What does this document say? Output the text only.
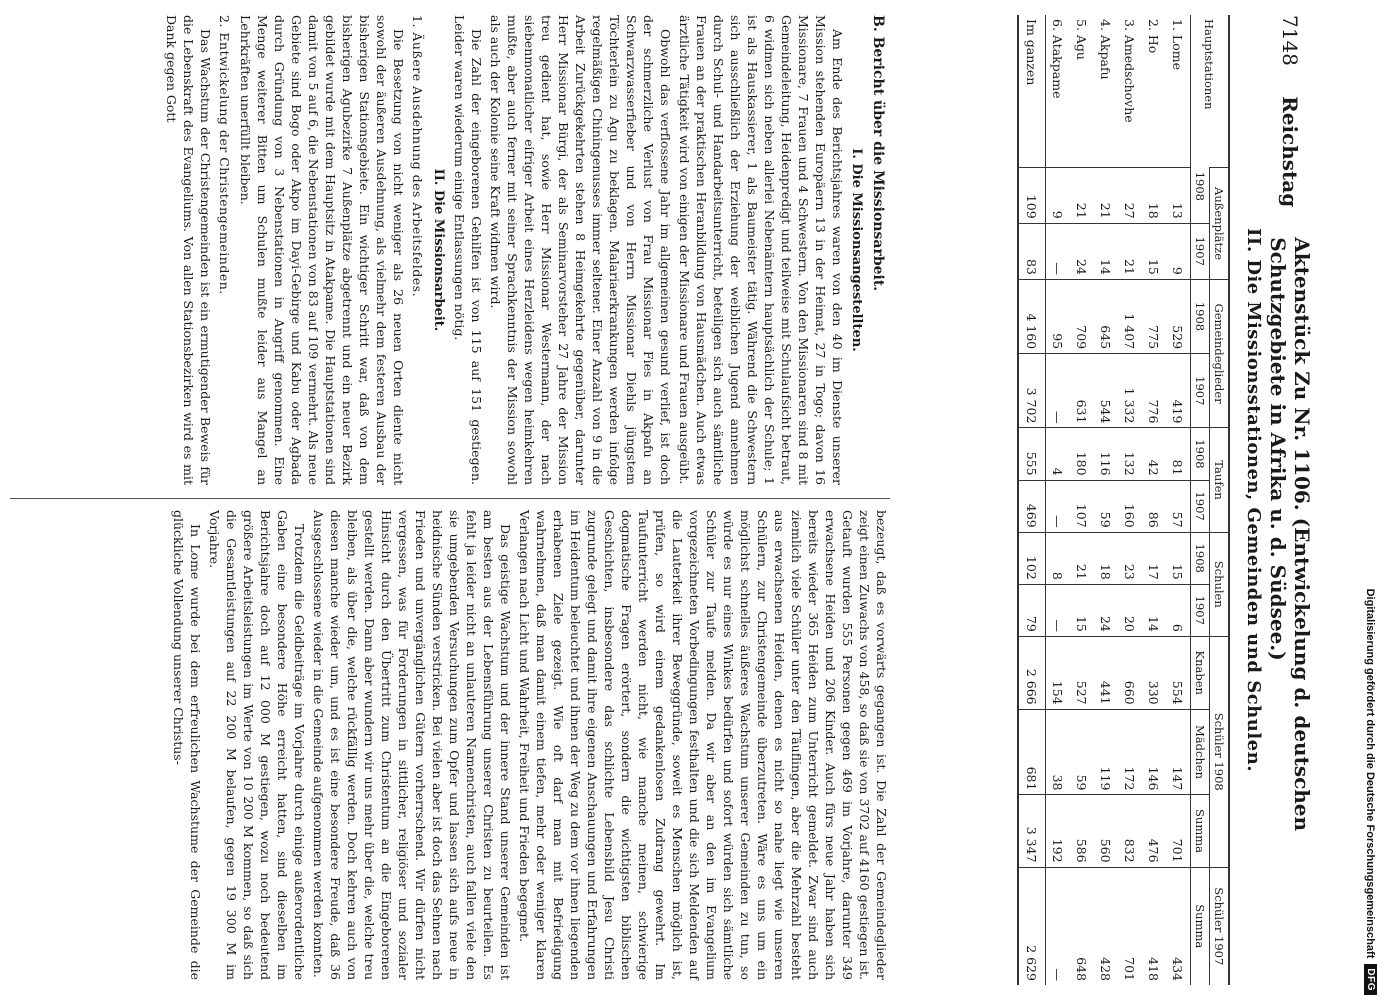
7148
Reichstag
Aktenstück Zu Nr. 1106. (Entwickelung d. deutschen Schutzgebiete in Afrika u. d. Südsee.)
II. Die Missionsstationen, Gemeinden und Schulen.
Hauptstationen	Außenplätze		Gemeindeglieder		Taufen		Schulen		Schüler 1908			Schüler 1907
	1908	1907	1908	1907	1908	1907	1908	1907	Knaben	Mädchen	Summa	Summa
1. Lome	13	9	529	419	81	57	15	6	554	147	701	434
2. Ho	18	15	775	776	42	86	17	14	330	146	476	418
3. Amedschovhe	27	21	1 407	1 332	132	160	23	20	660	172	832	701
4. Akpafu	21	14	645	544	116	59	18	24	441	119	560	428
5. Agu	21	24	709	631	180	107	21	15	527	59	586	648
6. Atakpame	9	—	95	—	4	—	8	—	154	38	192	—
Im ganzen	109	83	4 160	3 702	555	469	102	79	2 666	681	3 347	2 629
B. Bericht über die Missionsarbeit.
I. Die Missionsangestellten.

Am Ende des Berichtsjahres waren von den 40 im Dienste unserer Mission stehenden Europäern 13 in der Heimat, 27 in Togo; davon 16 Missionare, 7 Frauen und 4 Schwestern. Von den Missionaren sind 8 mit Gemeindeleitung, Heidenpredigt und teilweise mit Schulaufsicht betraut, 6 widmen sich neben allerlei Nebenämtern hauptsächlich der Schule; 1 ist als Hauskassierer, 1 als Baumeister tätig. Während die Schwestern sich ausschließlich der Erziehung der weiblichen Jugend annehmen durch Schul- und Handarbeitsunterricht, beteiligen sich auch sämtliche Frauen an der praktischen Heranbildung von Hausmädchen. Auch etwas ärztliche Tätigkeit wird von einigen der Missionare und Frauen ausgeübt.

Obwohl das verflossene Jahr im allgemeinen gesund verlief, ist doch der schmerzliche Verlust von Frau Missionar Fies in Akpafu an Schwarzwasserfieber und von Herrn Missionar Diehls jüngstem Töchterlein zu Agu zu beklagen. Malariaerkrankungen werden infolge regelmäßigen Chiningenusses immer seltener. Einer Anzahl von 9 in die Arbeit Zurückgekehrten stehen 8 Heimgekehrte gegenüber, darunter Herr Missionar Bürgi, der als Seminarvorsteher 27 Jahre der Mission treu gedient hat, sowie Herr Missionar Westermann, der nach siebenmonatlicher eifriger Arbeit eines Herzleidens wegen heimkehren mußte, aber auch ferner mit seiner Sprachkenntnis der Mission sowohl als auch der Kolonie seine Kraft widmen wird.

Die Zahl der eingeborenen Gehilfen ist von 115 auf 151 gestiegen. Leider waren wiederum einige Entlassungen nötig.

II. Die Missionsarbeit.
1. Äußere Ausdehnung des Arbeitsfeldes.

Die Besetzung von nicht weniger als 26 neuen Orten diente nicht sowohl der äußeren Ausdehnung, als vielmehr dem festeren Ausbau der bisherigen Stationsgebiete. Ein wichtiger Schritt war, daß von dem bisherigen Agubezirke 7 Außenplätze abgetrennt und ein neuer Bezirk gebildet wurde mit dem Hauptsitz in Atakpame. Die Hauptstationen sind damit von 5 auf 6, die Nebenstationen von 83 auf 109 vermehrt. Als neue Gebiete sind Bogo oder Akpo im Dayi-Gebirge und Kabu oder Agbada durch Gründung von 3 Nebenstationen in Angriff genommen. Eine Menge weiterer Bitten um Schulen mußte leider aus Mangel an Lehrkräften unerfüllt bleiben.

2. Entwickelung der Christengemeinden.

Das Wachstum der Christengemeinden ist ein ermutigender Beweis für die Lebenskraft des Evangeliums. Von allen Stationsbezirken wird es mit Dank gegen Gott

bezeugt, daß es vorwärts gegangen ist. Die Zahl der Gemeindeglieder zeigt einen Zuwachs von 458, so daß sie von 3702 auf 4160 gestiegen ist. Getauft wurden 555 Personen gegen 469 im Vorjahre, darunter 349 erwachsene Heiden und 206 Kinder. Auch fürs neue Jahr haben sich bereits wieder 365 Heiden zum Unterricht gemeldet. Zwar sind auch ziemlich viele Schüler unter den Täuflingen, aber die Mehrzahl besteht aus erwachsenen Heiden, denen es nicht so nahe liegt wie unseren Schülern, zur Christengemeinde überzutreten. Wäre es uns um ein möglichst schnelles äußeres Wachstum unserer Gemeinden zu tun, so würde es nur eines Winkes bedürfen und sofort würden sich sämtliche Schüler zur Taufe melden. Da wir aber an den im Evangelium vorgezeichneten Vorbedingungen festhalten und die sich Meldenden auf die Lauterkeit ihrer Beweggründe, soweit es Menschen möglich ist, prüfen, so wird einem gedankenlosen Zudrang gewehrt. Im Taufunterricht werden nicht, wie manche meinen, schwierige dogmatische Fragen erörtert, sondern die wichtigsten biblischen Geschichten, insbesondere das schlichte Lebensbild Jesu Christi zugrunde gelegt und damit ihre eigenen Anschauungen und Erfahrungen im Heidentum beleuchtet und ihnen der Weg zu dem vor ihnen liegenden erhabenen Ziele gezeigt. Wie oft darf man mit Befriedigung wahrnehmen, daß man damit einem tiefen, mehr oder weniger klaren Verlangen nach Licht und Wahrheit, Freiheit und Frieden begegnet.

Das geistige Wachstum und der innere Stand unserer Gemeinden ist am besten aus der Lebensführung unserer Christen zu beurteilen. Es fehlt ja leider nicht an unlauteren Namenchristen, auch fallen viele den sie umgebenden Versuchungen zum Opfer und lassen sich aufs neue in heidnische Sünden verstricken. Bei vielen aber ist doch das Sehnen nach Frieden und unvergänglichen Gütern vorherrschend. Wir dürfen nicht vergessen, was für Forderungen in sittlicher, religiöser und sozialer Hinsicht durch den Übertritt zum Christentum an die Eingeborenen gestellt werden. Dann aber wundern wir uns mehr über die, welche treu bleiben, als über die, welche rückfällig werden. Doch kehren auch von diesen manche wieder um, und es ist eine besondere Freude, daß 36 Ausgeschlossene wieder in die Gemeinde aufgenommen werden konnten.

Trotzdem die Geldbeiträge im Vorjahre durch einige außerordentliche Gaben eine besondere Höhe erreicht hatten, sind dieselben im Berichtsjahre doch auf 12 000 M gestiegen, wozu noch bedeutend größere Arbeitsleistungen im Werte von 10 200 M kommen, so daß sich die Gesamtleistungen auf 22 200 M belaufen, gegen 19 300 M im Vorjahre.

In Lome wurde bei dem erfreulichen Wachstume der Gemeinde die glückliche Vollendung unserer Christus-	Digitalisierung gefördert durch die Deutsche Forschungsgemeinschaft
DFG
